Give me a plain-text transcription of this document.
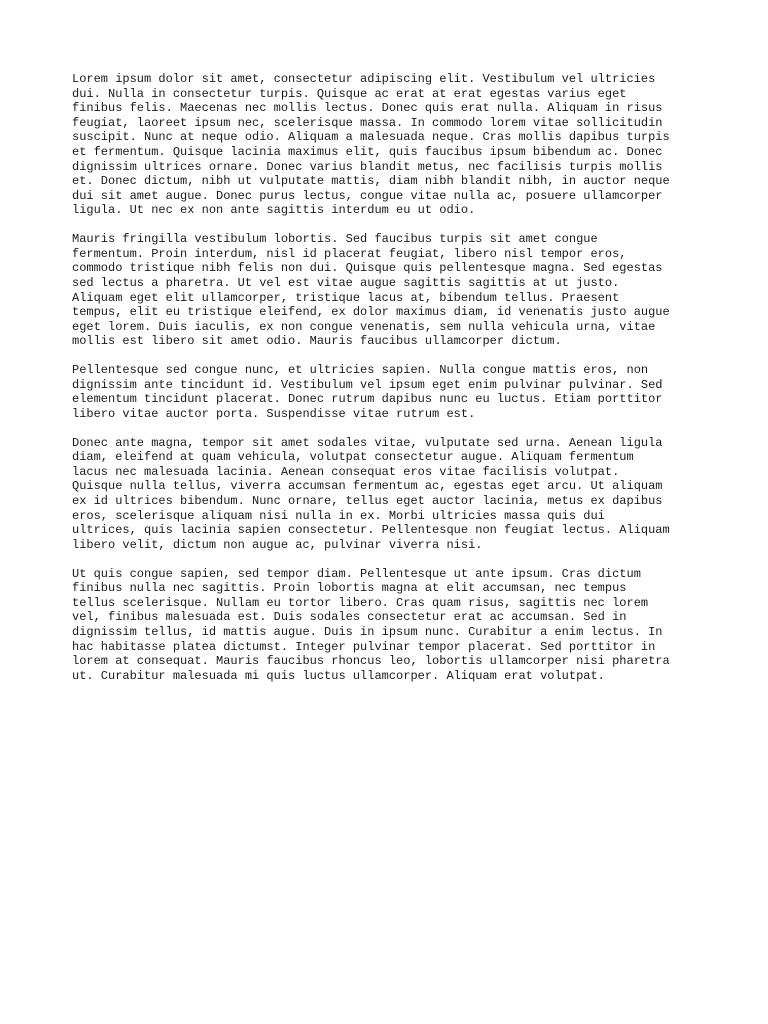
Lorem ipsum dolor sit amet, consectetur adipiscing elit. Vestibulum vel ultricies
dui. Nulla in consectetur turpis. Quisque ac erat at erat egestas varius eget
finibus felis. Maecenas nec mollis lectus. Donec quis erat nulla. Aliquam in risus
feugiat, laoreet ipsum nec, scelerisque massa. In commodo lorem vitae sollicitudin
suscipit. Nunc at neque odio. Aliquam a malesuada neque. Cras mollis dapibus turpis
et fermentum. Quisque lacinia maximus elit, quis faucibus ipsum bibendum ac. Donec
dignissim ultrices ornare. Donec varius blandit metus, nec facilisis turpis mollis
et. Donec dictum, nibh ut vulputate mattis, diam nibh blandit nibh, in auctor neque
dui sit amet augue. Donec purus lectus, congue vitae nulla ac, posuere ullamcorper
ligula. Ut nec ex non ante sagittis interdum eu ut odio.

Mauris fringilla vestibulum lobortis. Sed faucibus turpis sit amet congue
fermentum. Proin interdum, nisl id placerat feugiat, libero nisl tempor eros,
commodo tristique nibh felis non dui. Quisque quis pellentesque magna. Sed egestas
sed lectus a pharetra. Ut vel est vitae augue sagittis sagittis at ut justo.
Aliquam eget elit ullamcorper, tristique lacus at, bibendum tellus. Praesent
tempus, elit eu tristique eleifend, ex dolor maximus diam, id venenatis justo augue
eget lorem. Duis iaculis, ex non congue venenatis, sem nulla vehicula urna, vitae
mollis est libero sit amet odio. Mauris faucibus ullamcorper dictum.

Pellentesque sed congue nunc, et ultricies sapien. Nulla congue mattis eros, non
dignissim ante tincidunt id. Vestibulum vel ipsum eget enim pulvinar pulvinar. Sed
elementum tincidunt placerat. Donec rutrum dapibus nunc eu luctus. Etiam porttitor
libero vitae auctor porta. Suspendisse vitae rutrum est.

Donec ante magna, tempor sit amet sodales vitae, vulputate sed urna. Aenean ligula
diam, eleifend at quam vehicula, volutpat consectetur augue. Aliquam fermentum
lacus nec malesuada lacinia. Aenean consequat eros vitae facilisis volutpat.
Quisque nulla tellus, viverra accumsan fermentum ac, egestas eget arcu. Ut aliquam
ex id ultrices bibendum. Nunc ornare, tellus eget auctor lacinia, metus ex dapibus
eros, scelerisque aliquam nisi nulla in ex. Morbi ultricies massa quis dui
ultrices, quis lacinia sapien consectetur. Pellentesque non feugiat lectus. Aliquam
libero velit, dictum non augue ac, pulvinar viverra nisi.

Ut quis congue sapien, sed tempor diam. Pellentesque ut ante ipsum. Cras dictum
finibus nulla nec sagittis. Proin lobortis magna at elit accumsan, nec tempus
tellus scelerisque. Nullam eu tortor libero. Cras quam risus, sagittis nec lorem
vel, finibus malesuada est. Duis sodales consectetur erat ac accumsan. Sed in
dignissim tellus, id mattis augue. Duis in ipsum nunc. Curabitur a enim lectus. In
hac habitasse platea dictumst. Integer pulvinar tempor placerat. Sed porttitor in
lorem at consequat. Mauris faucibus rhoncus leo, lobortis ullamcorper nisi pharetra
ut. Curabitur malesuada mi quis luctus ullamcorper. Aliquam erat volutpat.
